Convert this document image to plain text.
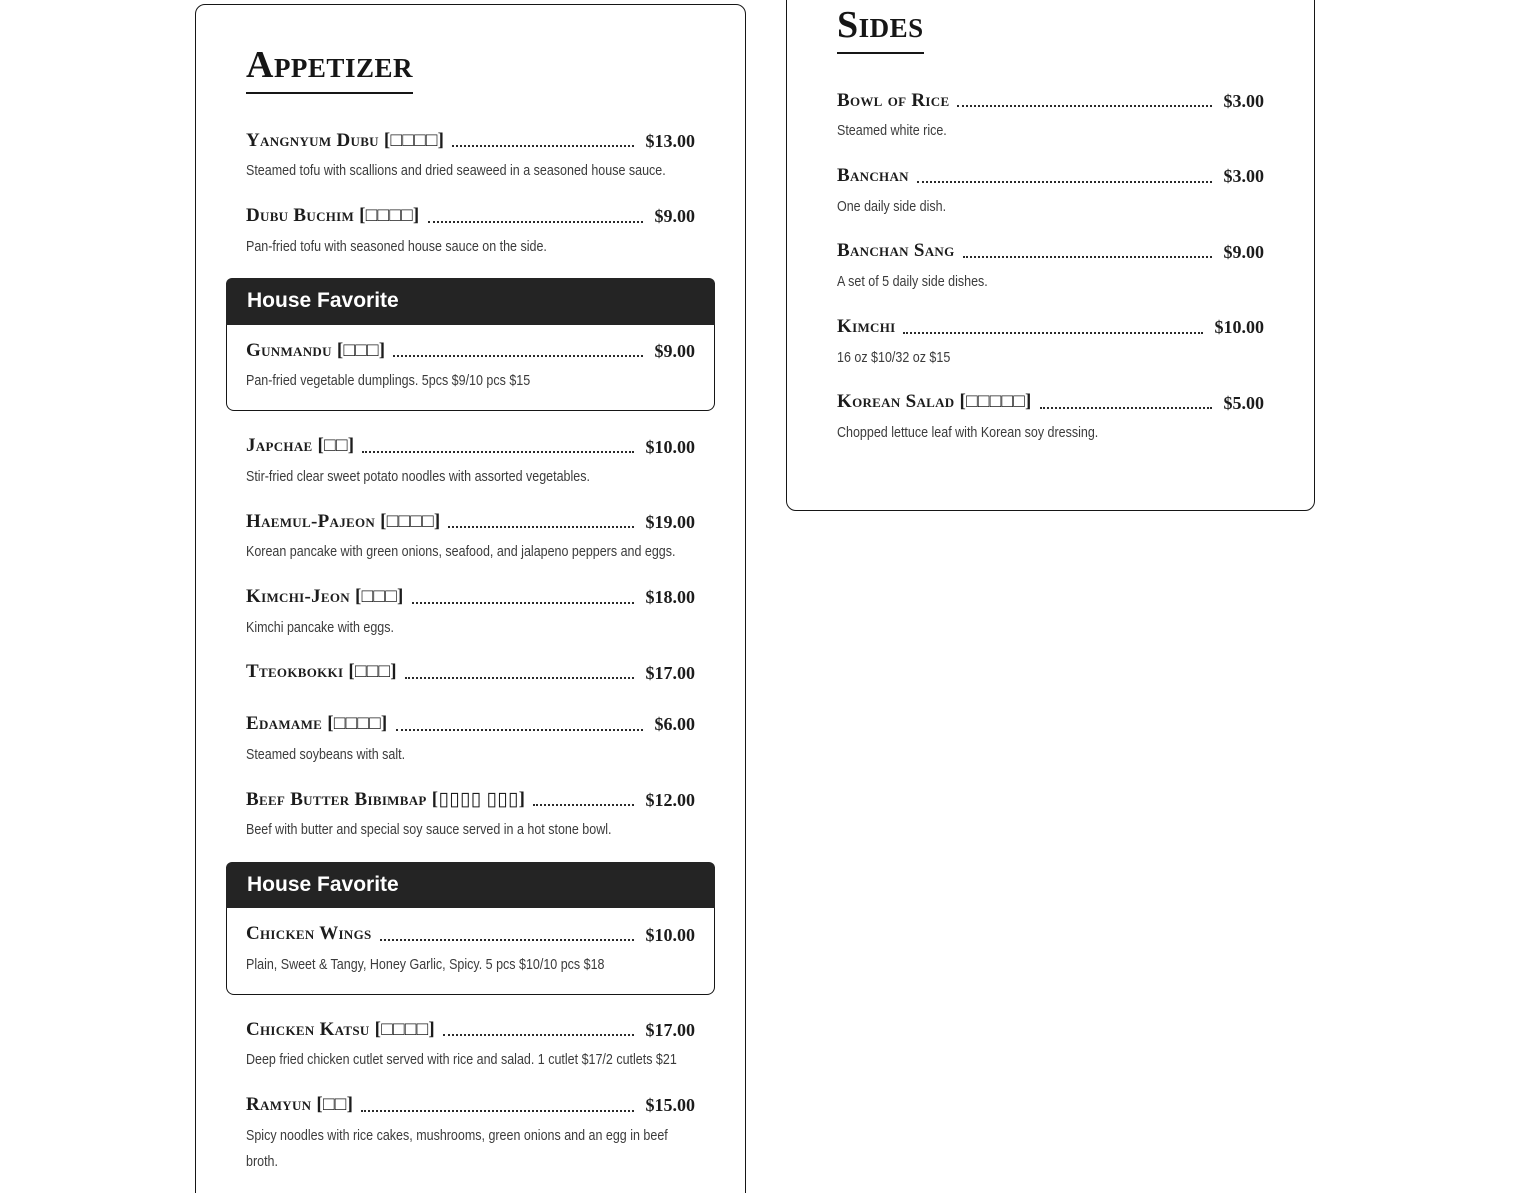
Appetizer
Yangnyum Dubu [□□□□]	$13.00
Steamed tofu with scallions and dried seaweed in a seasoned house sauce.
Dubu Buchim [□□□□]	$9.00
Pan-fried tofu with seasoned house sauce on the side.
House Favorite
Gunmandu [□□□]	$9.00
Pan-fried vegetable dumplings. 5pcs $9/10 pcs $15
Japchae [□□]	$10.00
Stir-fried clear sweet potato noodles with assorted vegetables.
Haemul-Pajeon [□□□□]	$19.00
Korean pancake with green onions, seafood, and jalapeno peppers and eggs.
Kimchi-Jeon [□□□]	$18.00
Kimchi pancake with eggs.
Tteokbokki [□□□]	$17.00
Edamame [□□□□]	$6.00
Steamed soybeans with salt.
Beef Butter Bibimbap [▯▯▯▯ ▯▯▯]	$12.00
Beef with butter and special soy sauce served in a hot stone bowl.
House Favorite
Chicken Wings	$10.00
Plain, Sweet & Tangy, Honey Garlic, Spicy. 5 pcs $10/10 pcs $18
Chicken Katsu [□□□□]	$17.00
Deep fried chicken cutlet served with rice and salad. 1 cutlet $17/2 cutlets $21
Ramyun [□□]	$15.00
Spicy noodles with rice cakes, mushrooms, green onions and an egg in beef broth.
Sides
Bowl of Rice	$3.00
Steamed white rice.
Banchan	$3.00
One daily side dish.
Banchan Sang	$9.00
A set of 5 daily side dishes.
Kimchi	$10.00
16 oz $10/32 oz $15
Korean Salad [□□□□□]	$5.00
Chopped lettuce leaf with Korean soy dressing.
